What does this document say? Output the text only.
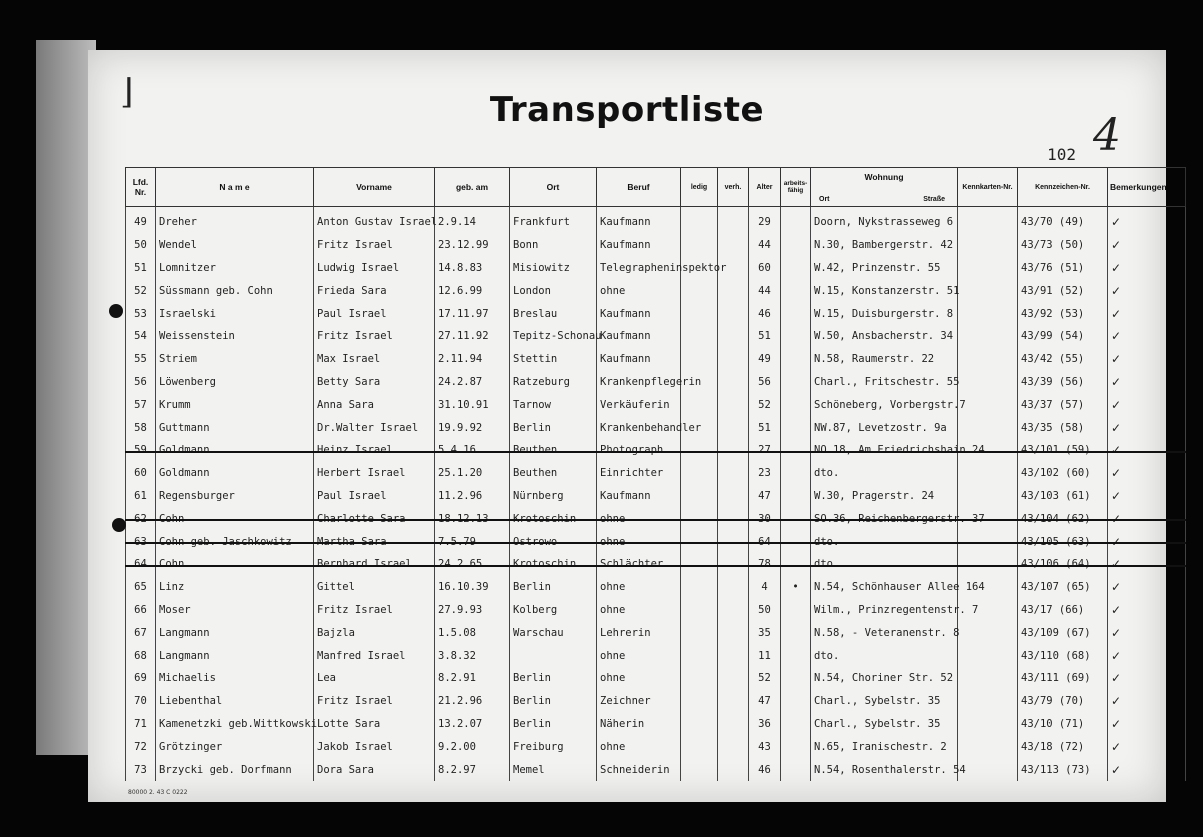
⌋	Transportliste	4
102
Lfd. Nr.	N a m e	Vorname	geb. am	Ort	Beruf	ledig	verh.	Alter	arbeits-fähig	Wohnung
Ort Straße	Kennkarten-Nr.	Kennzeichen-Nr.	Bemerkungen
49	Dreher	Anton Gustav Israel	2.9.14	Frankfurt	Kaufmann			29		Doorn, Nykstrasseweg 6		43/70 (49)	✓
50	Wendel	Fritz Israel	23.12.99	Bonn	Kaufmann			44		N.30, Bambergerstr. 42		43/73 (50)	✓
51	Lomnitzer	Ludwig Israel	14.8.83	Misiowitz	Telegrapheninspektor			60		W.42, Prinzenstr. 55		43/76 (51)	✓
52	Süssmann geb. Cohn	Frieda Sara	12.6.99	London	ohne			44		W.15, Konstanzerstr. 51		43/91 (52)	✓
53	Israelski	Paul Israel	17.11.97	Breslau	Kaufmann			46		W.15, Duisburgerstr. 8		43/92 (53)	✓
54	Weissenstein	Fritz Israel	27.11.92	Tepitz-Schonau	Kaufmann			51		W.50, Ansbacherstr. 34		43/99 (54)	✓
55	Striem	Max Israel	2.11.94	Stettin	Kaufmann			49		N.58, Raumerstr. 22		43/42 (55)	✓
56	Löwenberg	Betty Sara	24.2.87	Ratzeburg	Krankenpflegerin			56		Charl., Fritschestr. 55		43/39 (56)	✓
57	Krumm	Anna Sara	31.10.91	Tarnow	Verkäuferin			52		Schöneberg, Vorbergstr.7		43/37 (57)	✓
58	Guttmann	Dr.Walter Israel	19.9.92	Berlin	Krankenbehandler			51		NW.87, Levetzostr. 9a		43/35 (58)	✓
59	Goldmann	Heinz Israel	5.4.16	Beuthen	Photograph			27		NO.18, Am Friedrichshain 24		43/101 (59)	✓
60	Goldmann	Herbert Israel	25.1.20	Beuthen	Einrichter			23		dto.		43/102 (60)	✓
61	Regensburger	Paul Israel	11.2.96	Nürnberg	Kaufmann			47		W.30, Pragerstr. 24		43/103 (61)	✓
62	Cohn	Charlotte Sara	18.12.13	Krotoschin	ohne			30		SO.36, Reichenbergerstr. 37		43/104 (62)	✓
63	Cohn geb. Jaschkowitz	Martha Sara	7.5.79	Ostrowo	ohne			64		dto.		43/105 (63)	✓
64	Cohn	Bernhard Israel	24.2.65	Krotoschin	Schlächter			78		dto.		43/106 (64)	✓
65	Linz	Gittel	16.10.39	Berlin	ohne			4	•	N.54, Schönhauser Allee 164		43/107 (65)	✓
66	Moser	Fritz Israel	27.9.93	Kolberg	ohne			50		Wilm., Prinzregentenstr. 7		43/17 (66)	✓
67	Langmann	Bajzla	1.5.08	Warschau	Lehrerin			35		N.58, - Veteranenstr. 8		43/109 (67)	✓
68	Langmann	Manfred Israel	3.8.32		ohne			11		dto.		43/110 (68)	✓
69	Michaelis	Lea	8.2.91	Berlin	ohne			52		N.54, Choriner Str. 52		43/111 (69)	✓
70	Liebenthal	Fritz Israel	21.2.96	Berlin	Zeichner			47		Charl., Sybelstr. 35		43/79 (70)	✓
71	Kamenetzki geb.Wittkowski	Lotte Sara	13.2.07	Berlin	Näherin			36		Charl., Sybelstr. 35		43/10 (71)	✓
72	Grötzinger	Jakob Israel	9.2.00	Freiburg	ohne			43		N.65, Iranischestr. 2		43/18 (72)	✓
73	Brzycki geb. Dorfmann	Dora Sara	8.2.97	Memel	Schneiderin			46		N.54, Rosenthalerstr. 54		43/113 (73)	✓
80000 2. 43 C 0222
